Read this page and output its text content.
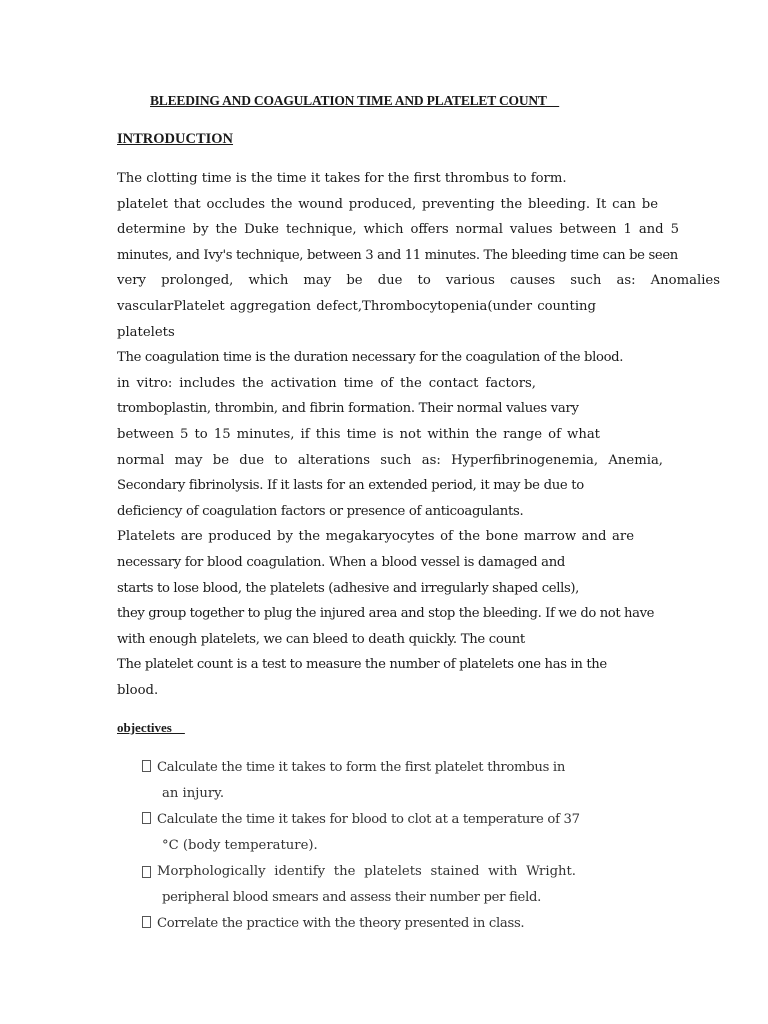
BLEEDING AND COAGULATION TIME AND PLATELET COUNT
INTRODUCTION
The clotting time is the time it takes for the first thrombus to form.
platelet that occludes the wound produced, preventing the bleeding. It can be
determine by the Duke technique, which offers normal values between 1 and 5
minutes, and Ivy's technique, between 3 and 11 minutes. The bleeding time can be seen
very prolonged, which may be due to various causes such as: Anomalies
vascularPlatelet aggregation defect,Thrombocytopenia(under counting
platelets
The coagulation time is the duration necessary for the coagulation of the blood.
in vitro: includes the activation time of the contact factors,
tromboplastin, thrombin, and fibrin formation. Their normal values vary
between 5 to 15 minutes, if this time is not within the range of what
normal may be due to alterations such as: Hyperfibrinogenemia, Anemia,
Secondary fibrinolysis. If it lasts for an extended period, it may be due to
deficiency of coagulation factors or presence of anticoagulants.
Platelets are produced by the megakaryocytes of the bone marrow and are
necessary for blood coagulation. When a blood vessel is damaged and
starts to lose blood, the platelets (adhesive and irregularly shaped cells),
they group together to plug the injured area and stop the bleeding. If we do not have
with enough platelets, we can bleed to death quickly. The count
The platelet count is a test to measure the number of platelets one has in the
blood.
objectives
Calculate the time it takes to form the first platelet thrombus in
an injury.
Calculate the time it takes for blood to clot at a temperature of 37
°C (body temperature).
Morphologically identify the platelets stained with Wright.
peripheral blood smears and assess their number per field.
Correlate the practice with the theory presented in class.
